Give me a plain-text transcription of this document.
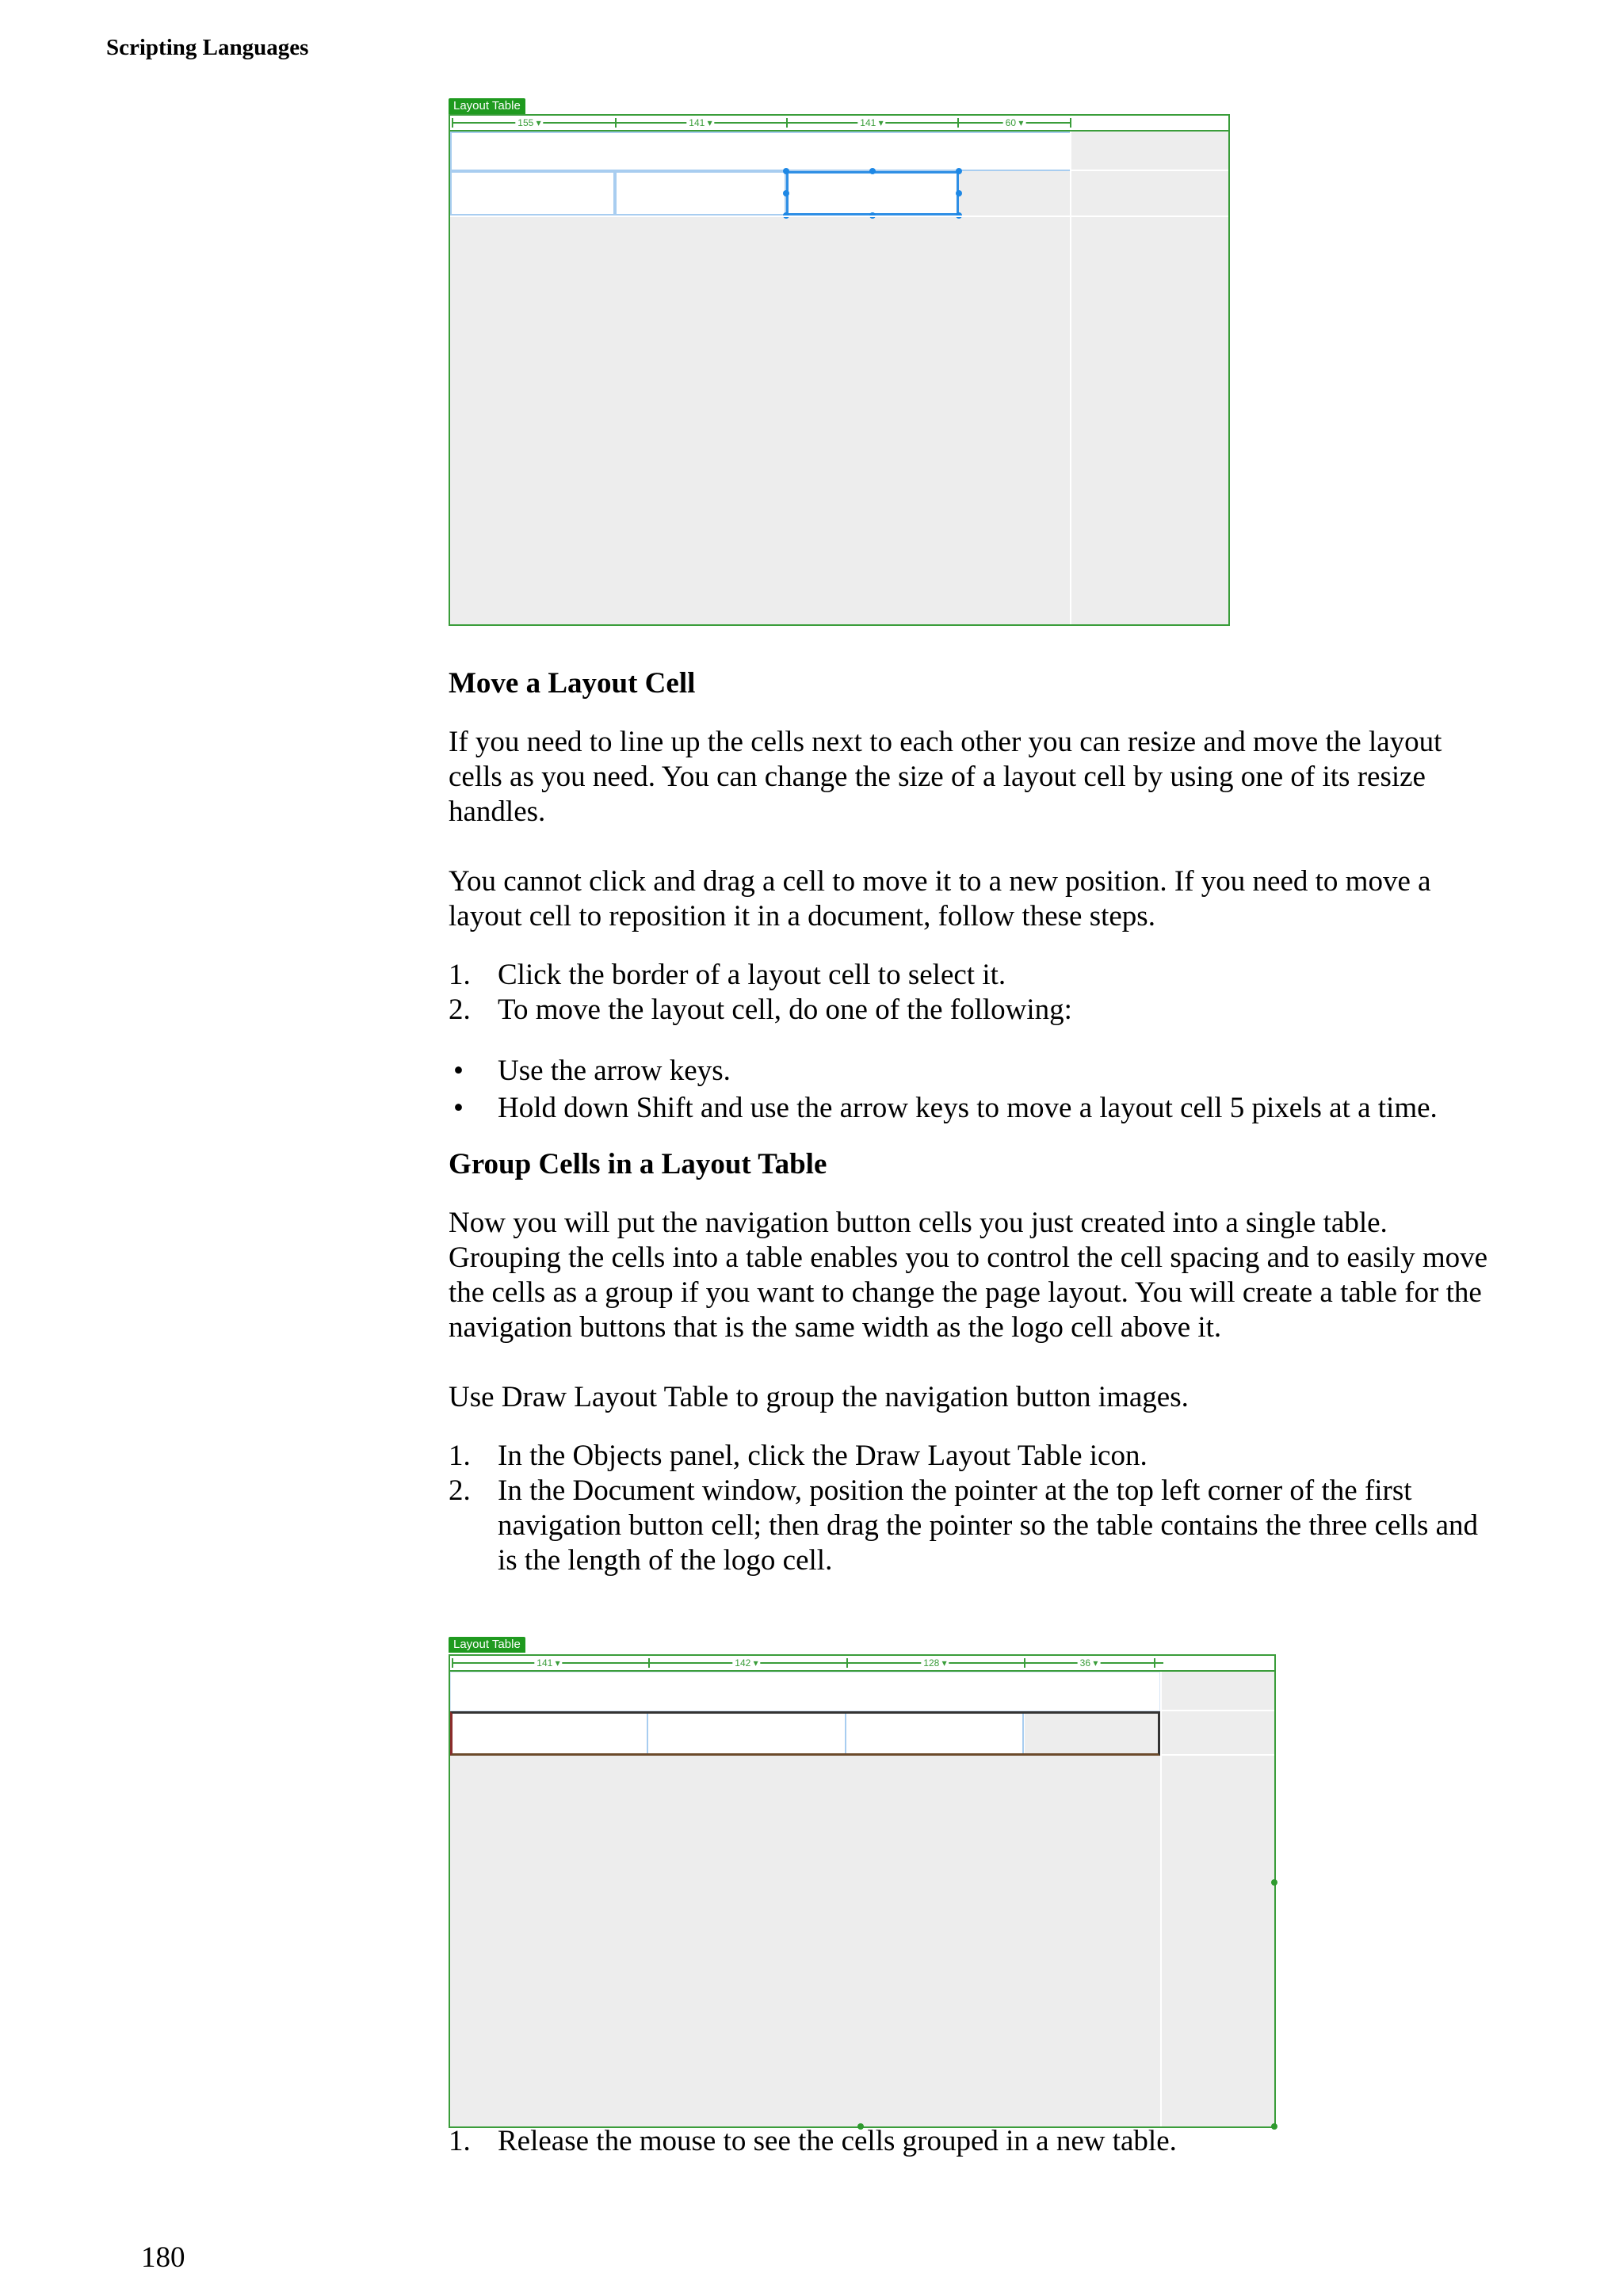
Scripting Languages
Layout Table
155 ▾	141 ▾	141 ▾	60 ▾
Move a Layout Cell

If you need to line up the cells next to each other you can resize and move the layout cells as you need. You can change the size of a layout cell by using one of its resize handles.

You cannot click and drag a cell to move it to a new position. If you need to move a layout cell to reposition it in a document, follow these steps.

1. Click the border of a layout cell to select it.
2. To move the layout cell, do one of the following:
• Use the arrow keys.
• Hold down Shift and use the arrow keys to move a layout cell 5 pixels at a time.
Group Cells in a Layout Table

Now you will put the navigation button cells you just created into a single table. Grouping the cells into a table enables you to control the cell spacing and to easily move the cells as a group if you want to change the page layout. You will create a table for the navigation buttons that is the same width as the logo cell above it.

Use Draw Layout Table to group the navigation button images.

1. In the Objects panel, click the Draw Layout Table icon.
2. In the Document window, position the pointer at the top left corner of the first navigation button cell; then drag the pointer so the table contains the three cells and is the length of the logo cell.
Layout Table
141 ▾	142 ▾	128 ▾	36 ▾
1. Release the mouse to see the cells grouped in a new table.
180
